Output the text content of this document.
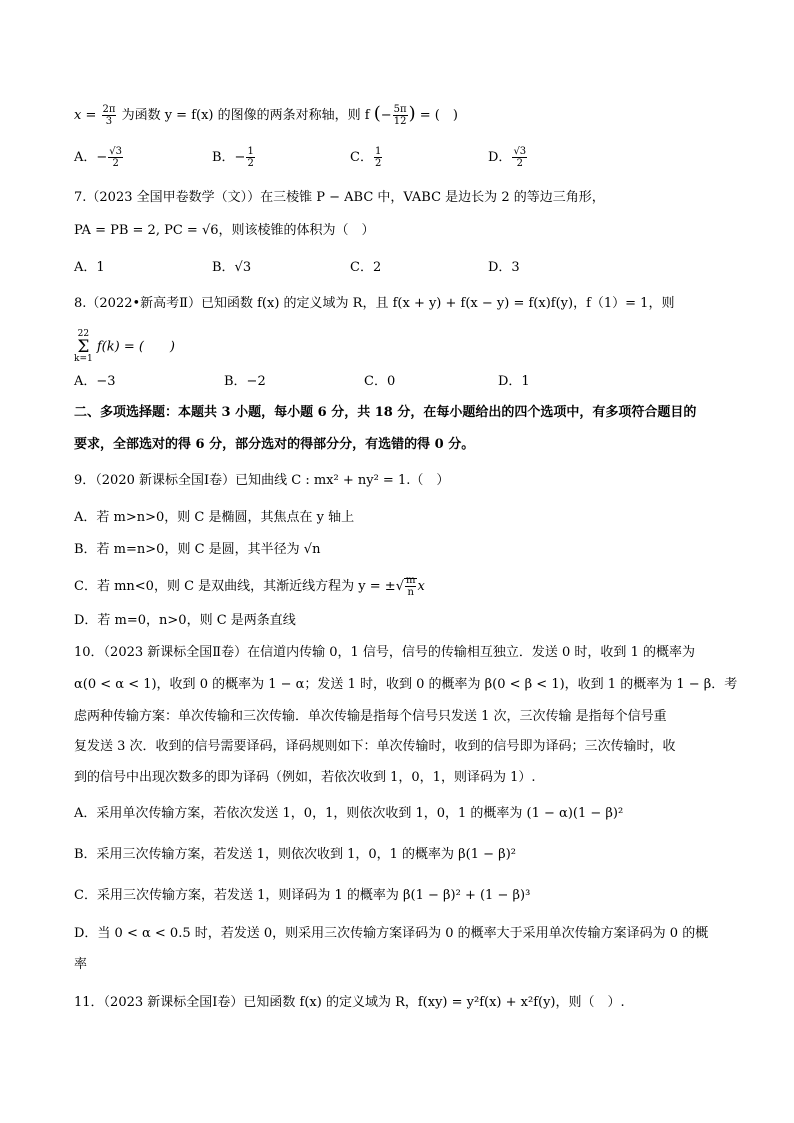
$x = \frac{2\pi}{3}$ 为函数 y = f(x) 的图像的两条对称轴，则 f (− $\frac{5\pi}{12}$ ) = (　)
A．− $\frac{√3}{2}$	B．− $\frac{1}{2}$	C． $\frac{1}{2}$	D． $\frac{√3}{2}$
7.（2023 全国甲卷数学（文））在三棱锥 P − ABC 中，VABC 是边长为 2 的等边三角形，
PA = PB = 2, PC = √6，则该棱锥的体积为（　）
A．1	B．√3	C．2	D．3
8.（2022•新高考Ⅱ）已知函数 f(x) 的定义域为 R，且 f(x + y) + f(x − y) = f(x)f(y)，f（1）= 1，则
22
Σ
k=1 f(k) = (　　)
A．−3	B．−2	C．0	D．1
二、多项选择题：本题共 3 小题，每小题 6 分，共 18 分，在每小题给出的四个选项中，有多项符合题目的
要求，全部选对的得 6 分，部分选对的得部分分，有选错的得 0 分。
9．（2020 新课标全国Ⅰ卷）已知曲线 C : mx² + ny² = 1.（　）
A．若 m>n>0，则 C 是椭圆，其焦点在 y 轴上
B．若 m=n>0，则 C 是圆，其半径为 √n
C．若 mn<0，则 C 是双曲线，其渐近线方程为 y = ±√ $\frac{m}{n}$ x
D．若 m=0，n>0，则 C 是两条直线
10．（2023 新课标全国Ⅱ卷）在信道内传输 0，1 信号，信号的传输相互独立．发送 0 时，收到 1 的概率为
α(0 < α < 1)，收到 0 的概率为 1 − α；发送 1 时，收到 0 的概率为 β(0 < β < 1)，收到 1 的概率为 1 − β．考
虑两种传输方案：单次传输和三次传输．单次传输是指每个信号只发送 1 次，三次传输 是指每个信号重
复发送 3 次．收到的信号需要译码，译码规则如下：单次传输时，收到的信号即为译码；三次传输时，收
到的信号中出现次数多的即为译码（例如，若依次收到 1，0，1，则译码为 1）.
A．采用单次传输方案，若依次发送 1，0，1，则依次收到 1，0，1 的概率为 (1 − α)(1 − β)²
B．采用三次传输方案，若发送 1，则依次收到 1，0，1 的概率为 β(1 − β)²
C．采用三次传输方案，若发送 1，则译码为 1 的概率为 β(1 − β)² + (1 − β)³
D．当 0 < α < 0.5 时，若发送 0，则采用三次传输方案译码为 0 的概率大于采用单次传输方案译码为 0 的概
率
11．（2023 新课标全国Ⅰ卷）已知函数 f(x) 的定义域为 R，f(xy) = y²f(x) + x²f(y)，则（　）.
